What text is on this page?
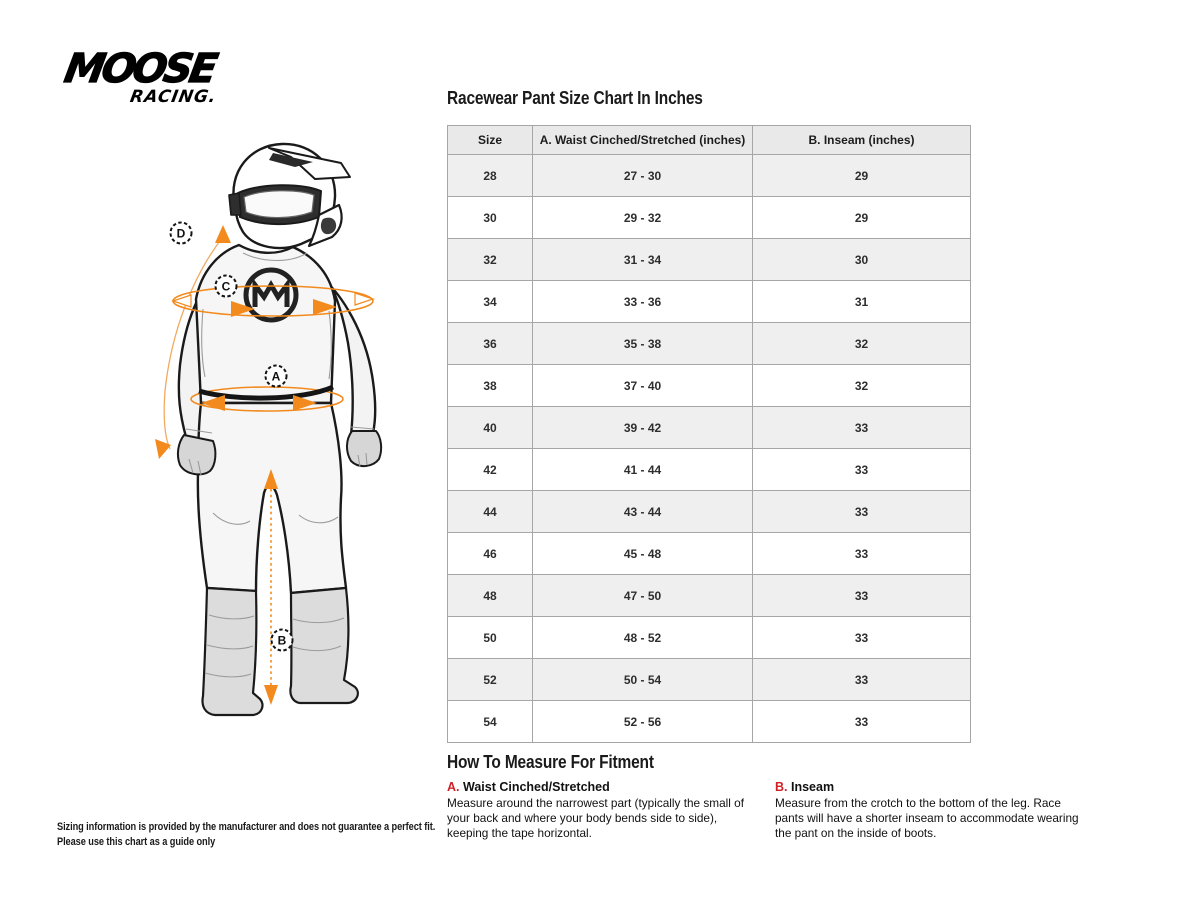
MOOSE
RACING.
D
C
A
B
Racewear Pant Size Chart In Inches
Size	A. Waist Cinched/Stretched (inches)	B. Inseam (inches)
28	27 - 30	29
30	29 - 32	29
32	31 - 34	30
34	33 - 36	31
36	35 - 38	32
38	37 - 40	32
40	39 - 42	33
42	41 - 44	33
44	43 - 44	33
46	45 - 48	33
48	47 - 50	33
50	48 - 52	33
52	50 - 54	33
54	52 - 56	33
How To Measure For Fitment

A. Waist Cinched/Stretched

Measure around the narrowest part (typically the small of your back and where your body bends side to side), keeping the tape horizontal.

B. Inseam

Measure from the crotch to the bottom of the leg. Race pants will have a shorter inseam to accommodate wearing the pant on the inside of boots.

Sizing information is provided by the manufacturer and does not guarantee a perfect fit.
Please use this chart as a guide only
